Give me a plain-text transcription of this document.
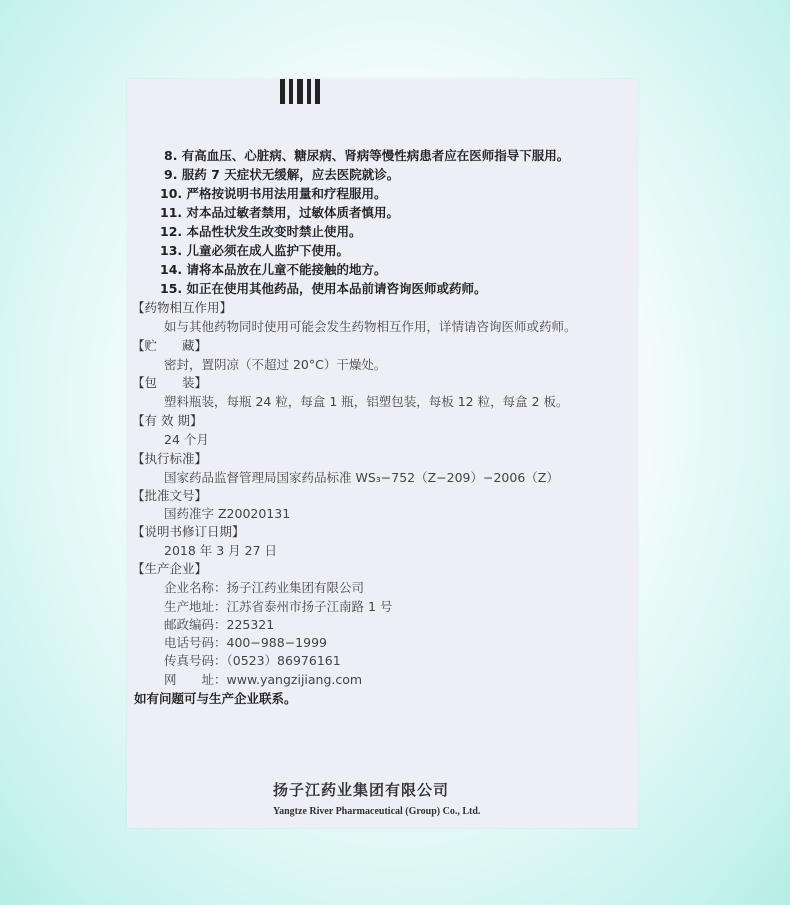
8. 有高血压、心脏病、糖尿病、肾病等慢性病患者应在医师指导下服用。
9. 服药 7 天症状无缓解，应去医院就诊。
10. 严格按说明书用法用量和疗程服用。
11. 对本品过敏者禁用，过敏体质者慎用。
12. 本品性状发生改变时禁止使用。
13. 儿童必须在成人监护下使用。
14. 请将本品放在儿童不能接触的地方。
15. 如正在使用其他药品，使用本品前请咨询医师或药师。
【药物相互作用】
如与其他药物同时使用可能会发生药物相互作用，详情请咨询医师或药师。
【贮　　藏】
密封，置阴凉（不超过 20°C）干燥处。
【包　　装】
塑料瓶装，每瓶 24 粒，每盒 1 瓶，铝塑包装，每板 12 粒，每盒 2 板。
【有 效 期】
24 个月
【执行标准】
国家药品监督管理局国家药品标准 WS₃−752（Z−209）−2006（Z）
【批准文号】
国药准字 Z20020131
【说明书修订日期】
2018 年 3 月 27 日
【生产企业】
企业名称：扬子江药业集团有限公司
生产地址：江苏省泰州市扬子江南路 1 号
邮政编码：225321
电话号码：400−988−1999
传真号码：（0523）86976161
网　　址：www.yangzijiang.com
如有问题可与生产企业联系。
扬子江药业集团有限公司
Yangtze River Pharmaceutical (Group) Co., Ltd.
